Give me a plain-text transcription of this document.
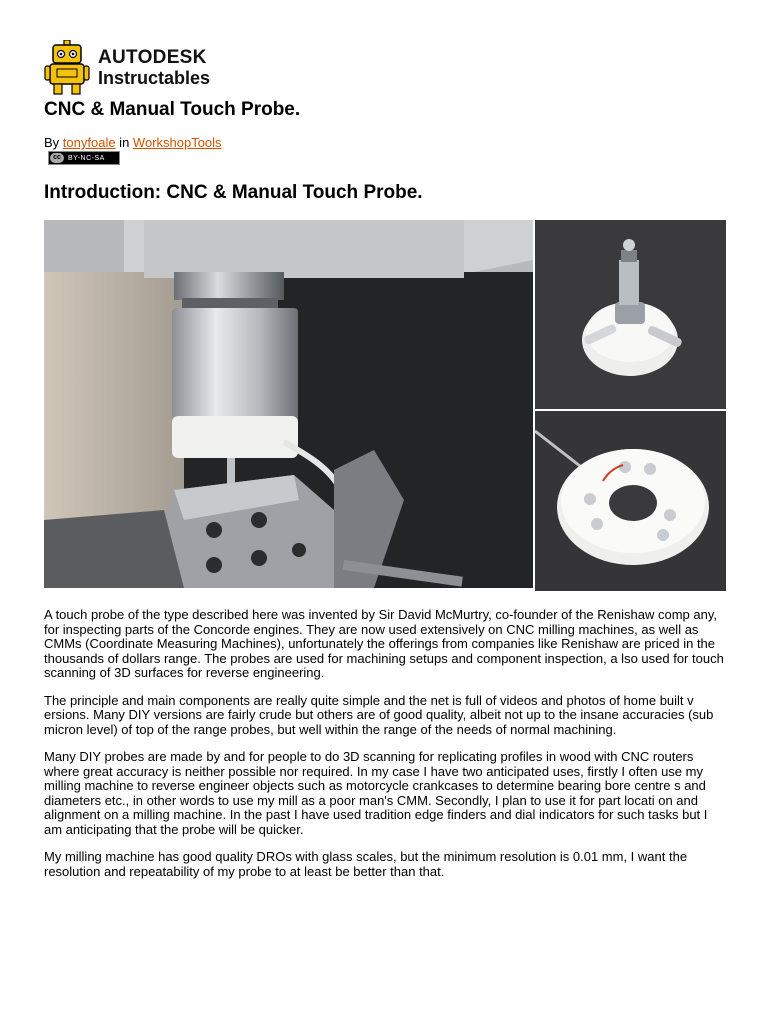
AUTODESK
Instructables
CNC & Manual Touch Probe.
By tonyfoale in WorkshopTools
cc	BY-NC-SA
Introduction: CNC & Manual Touch Probe.

A touch probe of the type described here was invented by Sir David McMurtry, co-founder of the Renishaw comp any, for inspecting parts of the Concorde engines. They are now used extensively on CNC milling machines, as well as CMMs (Coordinate Measuring Machines), unfortunately the offerings from companies like Renishaw are priced in the thousands of dollars range. The probes are used for machining setups and component inspection, a lso used for touch scanning of 3D surfaces for reverse engineering.

The principle and main components are really quite simple and the net is full of videos and photos of home built v ersions. Many DIY versions are fairly crude but others are of good quality, albeit not up to the insane accuracies (sub micron level) of top of the range probes, but well within the range of the needs of normal machining.

Many DIY probes are made by and for people to do 3D scanning for replicating profiles in wood with CNC routers where great accuracy is neither possible nor required. In my case I have two anticipated uses, firstly I often use my milling machine to reverse engineer objects such as motorcycle crankcases to determine bearing bore centre s and diameters etc., in other words to use my mill as a poor man's CMM. Secondly, I plan to use it for part locati on and alignment on a milling machine. In the past I have used tradition edge finders and dial indicators for such tasks but I am anticipating that the probe will be quicker.

My milling machine has good quality DROs with glass scales, but the minimum resolution is 0.01 mm, I want the resolution and repeatability of my probe to at least be better than that.
